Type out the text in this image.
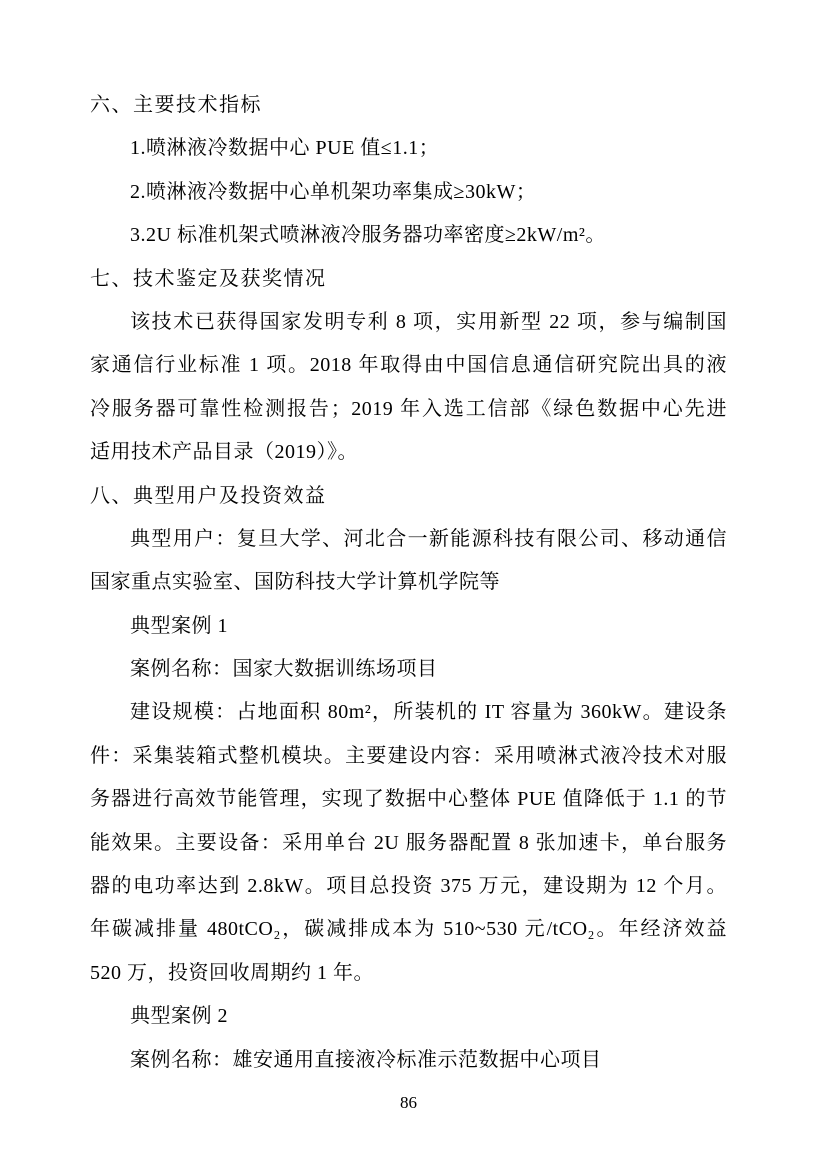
六、主要技术指标
1.喷淋液冷数据中心 PUE 值≤1.1；
2.喷淋液冷数据中心单机架功率集成≥30kW；
3.2U 标准机架式喷淋液冷服务器功率密度≥2kW/m²。
七、技术鉴定及获奖情况
该技术已获得国家发明专利 8 项，实用新型 22 项，参与编制国
家通信行业标准 1 项。2018 年取得由中国信息通信研究院出具的液
冷服务器可靠性检测报告；2019 年入选工信部《绿色数据中心先进
适用技术产品目录（2019）》。
八、典型用户及投资效益
典型用户：复旦大学、河北合一新能源科技有限公司、移动通信
国家重点实验室、国防科技大学计算机学院等
典型案例 1
案例名称：国家大数据训练场项目
建设规模：占地面积 80m²，所装机的 IT 容量为 360kW。建设条
件：采集装箱式整机模块。主要建设内容：采用喷淋式液冷技术对服
务器进行高效节能管理，实现了数据中心整体 PUE 值降低于 1.1 的节
能效果。主要设备：采用单台 2U 服务器配置 8 张加速卡，单台服务
器的电功率达到 2.8kW。项目总投资 375 万元，建设期为 12 个月。
年碳减排量 480tCO₂，碳减排成本为 510~530 元/tCO₂。年经济效益
520 万，投资回收周期约 1 年。
典型案例 2
案例名称：雄安通用直接液冷标准示范数据中心项目
86
